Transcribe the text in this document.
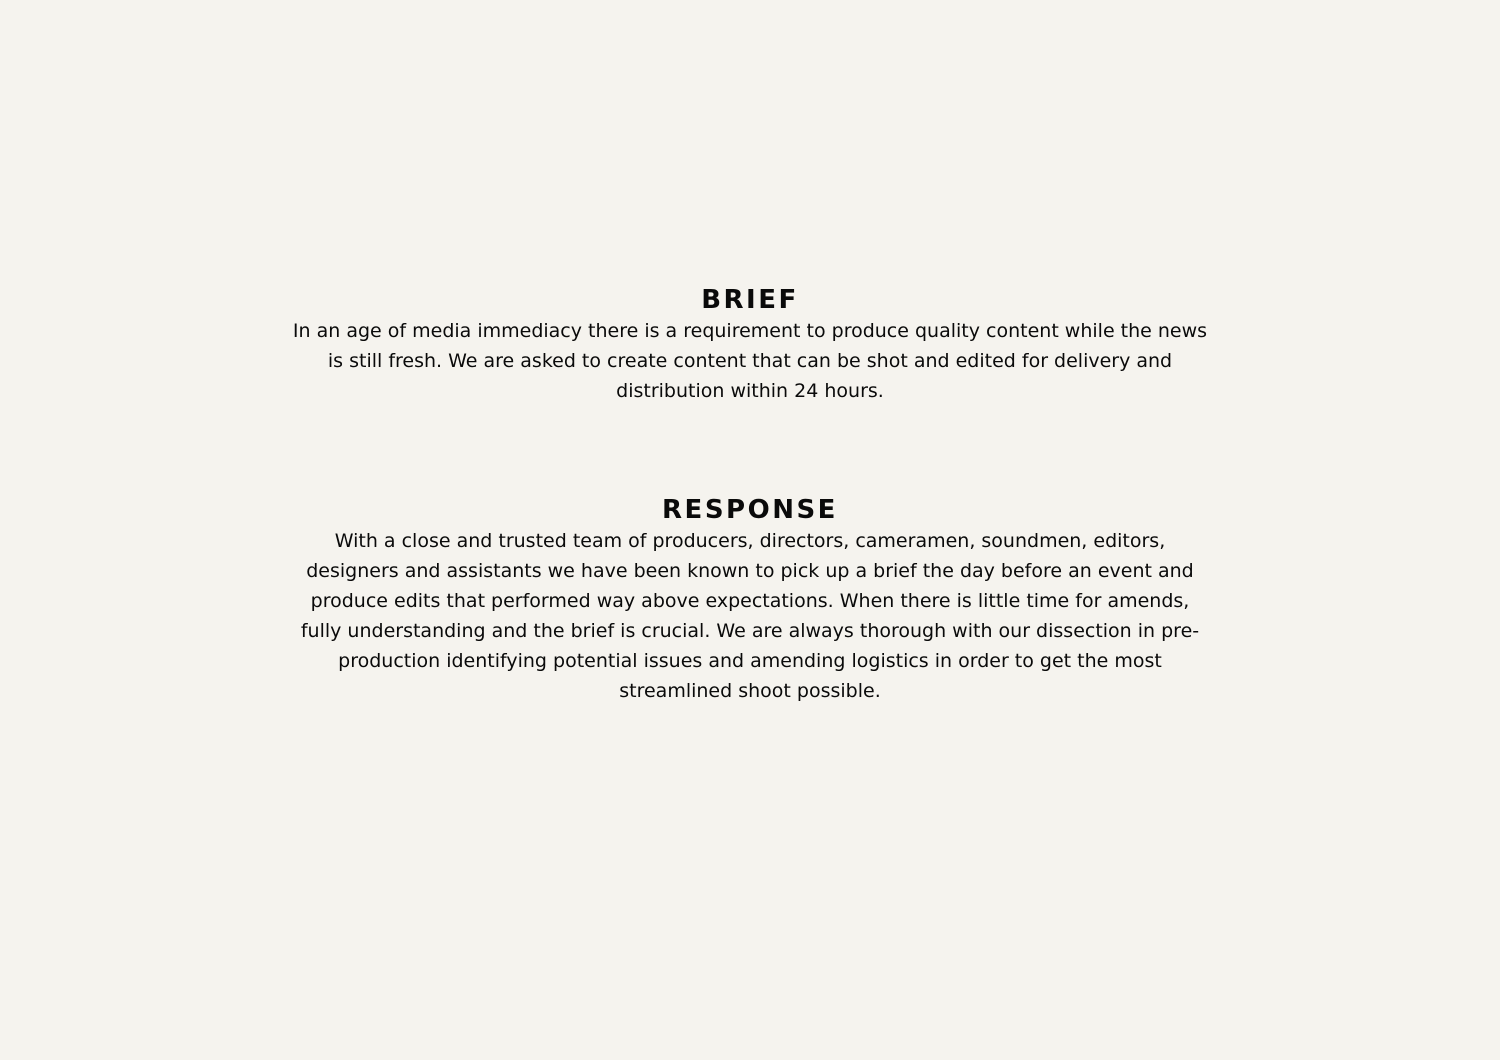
BRIEF

In an age of media immediacy there is a requirement to produce quality content while the news is still fresh. We are asked to create content that can be shot and edited for delivery and distribution within 24 hours.

RESPONSE

With a close and trusted team of producers, directors, cameramen, soundmen, editors, designers and assistants we have been known to pick up a brief the day before an event and produce edits that performed way above expectations. When there is little time for amends, fully understanding and the brief is crucial. We are always thorough with our dissection in pre-production identifying potential issues and amending logistics in order to get the most streamlined shoot possible.
